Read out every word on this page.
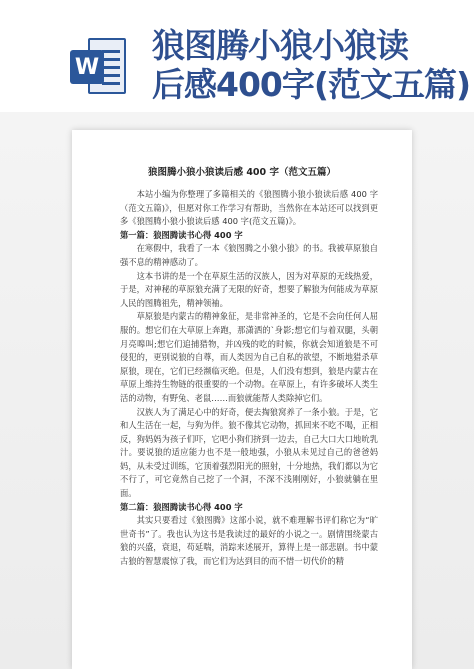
W
狼图腾小狼小狼读
后感400字(范文五篇)
狼图腾小狼小狼读后感 400 字（范文五篇）

本站小编为你整理了多篇相关的《狼图腾小狼小狼读后感 400 字（范文五篇)》，但愿对你工作学习有帮助，当然你在本站还可以找到更多《狼图腾小狼小狼读后感 400 字(范文五篇)》。

第一篇：狼图腾读书心得 400 字

在寒假中，我看了一本《狼图腾之小狼小狼》的书。我被草原狼自强不息的精神感动了。

这本书讲的是一个在草原生活的汉族人，因为对草原的无线热爱，于是，对神秘的草原狼充满了无限的好奇，想要了解狼为何能成为草原人民的图腾祖先，精神领袖。

草原狼是内蒙古的精神象征，是非常神圣的，它是不会向任何人屈服的。想它们在大草原上奔跑，那潇洒的`身影;想它们与着双腿，头朝月亮嗥叫;想它们追捕猎物，并凶残的吃的时候，你就会知道狼是不可侵犯的，更别说狼的自尊，而人类因为自己自私的欲望，不断地猎杀草原狼，现在，它们已经濒临灭绝。但是，人们没有想到，狼是内蒙古在草原上维持生物链的很重要的一个动物。在草原上，有许多破坏人类生活的动物，有野兔、老鼠……而狼就能帮人类除掉它们。

汉族人为了满足心中的好奇，便去掏狼窝养了一条小狼。于是，它和人生活在一起，与狗为伴。狼不像其它动物，抓回来不吃不喝，正相反，狗妈妈为孩子们吓，它吧小狗们挤到一边去，自己大口大口地吮乳汁。要说狼的适应能力也不是一般地强，小狼从未见过自己的爸爸妈妈，从未受过训练，它顶着强烈阳光的照射，十分地热，我们都以为它不行了，可它竟然自己挖了一个洞，不深不浅刚刚好，小狼就躺在里面。

第二篇：狼图腾读书心得 400 字

其实只要看过《狼图腾》这部小说，就不难理解书评们称它为“旷世奇书”了。我也认为这书是我读过的最好的小说之一。剧情围绕蒙古狼的兴盛，衰退，苟延喘，消踪来述展开，算得上是一部悲剧。书中蒙古狼的智慧震惊了我，而它们为达到目的而不惜一切代价的精
